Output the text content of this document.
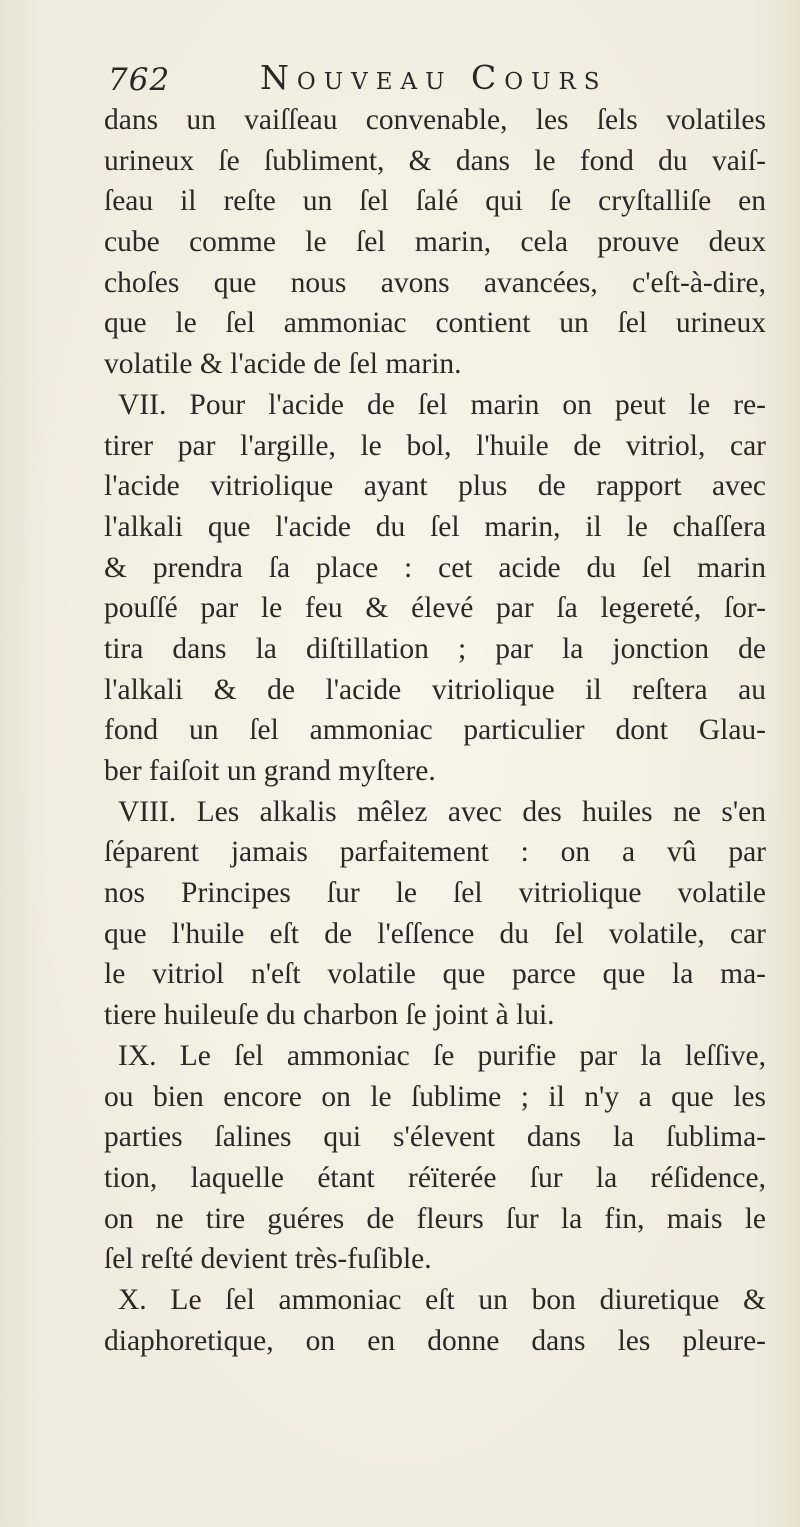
762	Nouveau Cours
dans un vaiſſeau convenable, les ſels volatiles
urineux ſe ſubliment, & dans le fond du vaiſ-
ſeau il reſte un ſel ſalé qui ſe cryſtalliſe en
cube comme le ſel marin, cela prouve deux
choſes que nous avons avancées, c'eſt-à-dire,
que le ſel ammoniac contient un ſel urineux
volatile & l'acide de ſel marin.
VII. Pour l'acide de ſel marin on peut le re-
tirer par l'argille, le bol, l'huile de vitriol, car
l'acide vitriolique ayant plus de rapport avec
l'alkali que l'acide du ſel marin, il le chaſſera
& prendra ſa place : cet acide du ſel marin
pouſſé par le feu & élevé par ſa legereté, ſor-
tira dans la diſtillation ; par la jonction de
l'alkali & de l'acide vitriolique il reſtera au
fond un ſel ammoniac particulier dont Glau-
ber faiſoit un grand myſtere.
VIII. Les alkalis mêlez avec des huiles ne s'en
ſéparent jamais parfaitement : on a vû par
nos Principes ſur le ſel vitriolique volatile
que l'huile eſt de l'eſſence du ſel volatile, car
le vitriol n'eſt volatile que parce que la ma-
tiere huileuſe du charbon ſe joint à lui.
IX. Le ſel ammoniac ſe purifie par la leſſive,
ou bien encore on le ſublime ; il n'y a que les
parties ſalines qui s'élevent dans la ſublima-
tion, laquelle étant réïterée ſur la réſidence,
on ne tire guéres de fleurs ſur la fin, mais le
ſel reſté devient très-fuſible.
X. Le ſel ammoniac eſt un bon diuretique &
diaphoretique, on en donne dans les pleure-
